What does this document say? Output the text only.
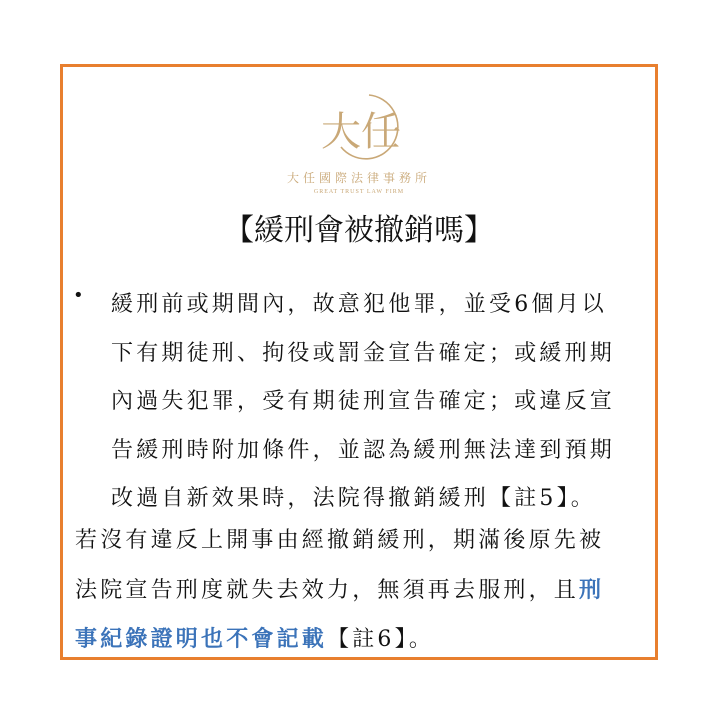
大任
大任國際法律事務所
GREAT TRUST LAW FIRM
【緩刑會被撤銷嗎】
• 緩刑前或期間內，故意犯他罪，並受6個月以
下有期徒刑、拘役或罰金宣告確定；或緩刑期
內過失犯罪，受有期徒刑宣告確定；或違反宣
告緩刑時附加條件，並認為緩刑無法達到預期
改過自新效果時，法院得撤銷緩刑【註5】。
若沒有違反上開事由經撤銷緩刑，期滿後原先被
法院宣告刑度就失去效力，無須再去服刑，且刑
事紀錄證明也不會記載【註6】。
